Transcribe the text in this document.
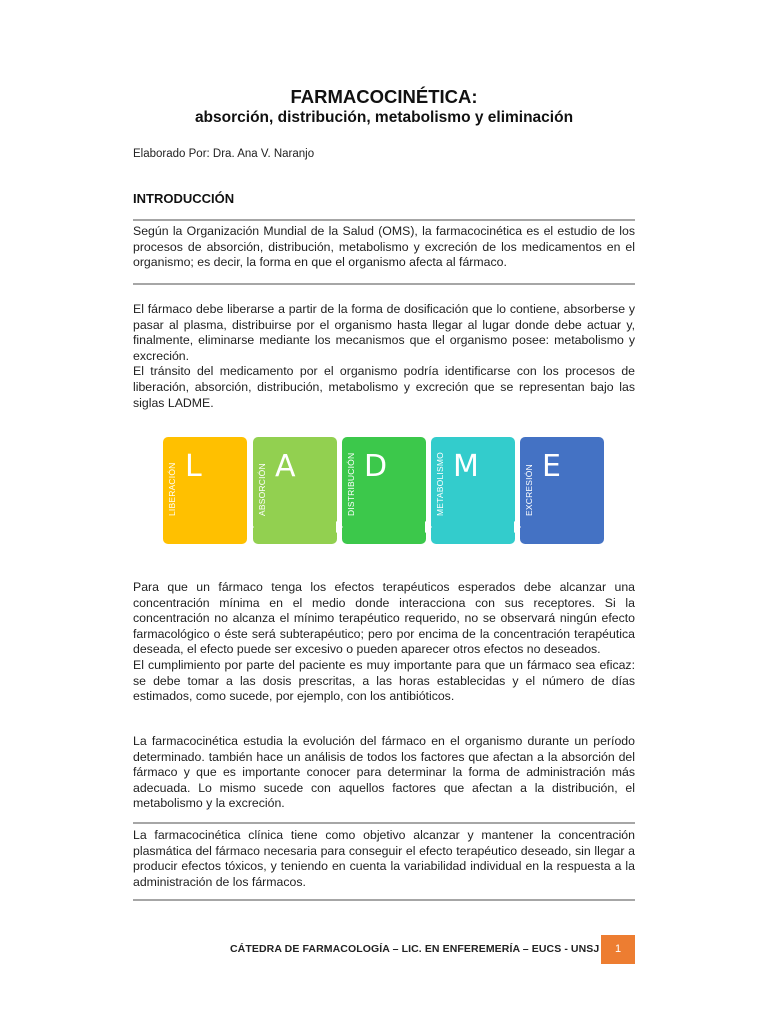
FARMACOCINÉTICA:
absorción, distribución, metabolismo y eliminación
Elaborado Por: Dra. Ana V. Naranjo
INTRODUCCIÓN

Según la Organización Mundial de la Salud (OMS), la farmacocinética es el estudio de los procesos de absorción, distribución, metabolismo y excreción de los medicamentos en el organismo; es decir, la forma en que el organismo afecta al fármaco.

El fármaco debe liberarse a partir de la forma de dosificación que lo contiene, absorberse y pasar al plasma, distribuirse por el organismo hasta llegar al lugar donde debe actuar y, finalmente, eliminarse mediante los mecanismos que el organismo posee: metabolismo y excreción.

El tránsito del medicamento por el organismo podría identificarse con los procesos de liberación, absorción, distribución, metabolismo y excreción que se representan bajo las siglas LADME.

L
LIBERACIÓN	A
ABSORCIÓN	D
DISTRIBUCIÓN	M
METABOLISMO	E
EXCRESIÓN

Para que un fármaco tenga los efectos terapéuticos esperados debe alcanzar una concentración mínima en el medio donde interacciona con sus receptores. Si la concentración no alcanza el mínimo terapéutico requerido, no se observará ningún efecto farmacológico o éste será subterapéutico; pero por encima de la concentración terapéutica deseada, el efecto puede ser excesivo o pueden aparecer otros efectos no deseados.

El cumplimiento por parte del paciente es muy importante para que un fármaco sea eficaz: se debe tomar a las dosis prescritas, a las horas establecidas y el número de días estimados, como sucede, por ejemplo, con los antibióticos.

La farmacocinética estudia la evolución del fármaco en el organismo durante un período determinado. también hace un análisis de todos los factores que afectan a la absorción del fármaco y que es importante conocer para determinar la forma de administración más adecuada. Lo mismo sucede con aquellos factores que afectan a la distribución, el metabolismo y la excreción.

La farmacocinética clínica tiene como objetivo alcanzar y mantener la concentración plasmática del fármaco necesaria para conseguir el efecto terapéutico deseado, sin llegar a producir efectos tóxicos, y teniendo en cuenta la variabilidad individual en la respuesta a la administración de los fármacos.

CÁTEDRA DE FARMACOLOGÍA – LIC. EN ENFEREMERÍA – EUCS - UNSJ	1
